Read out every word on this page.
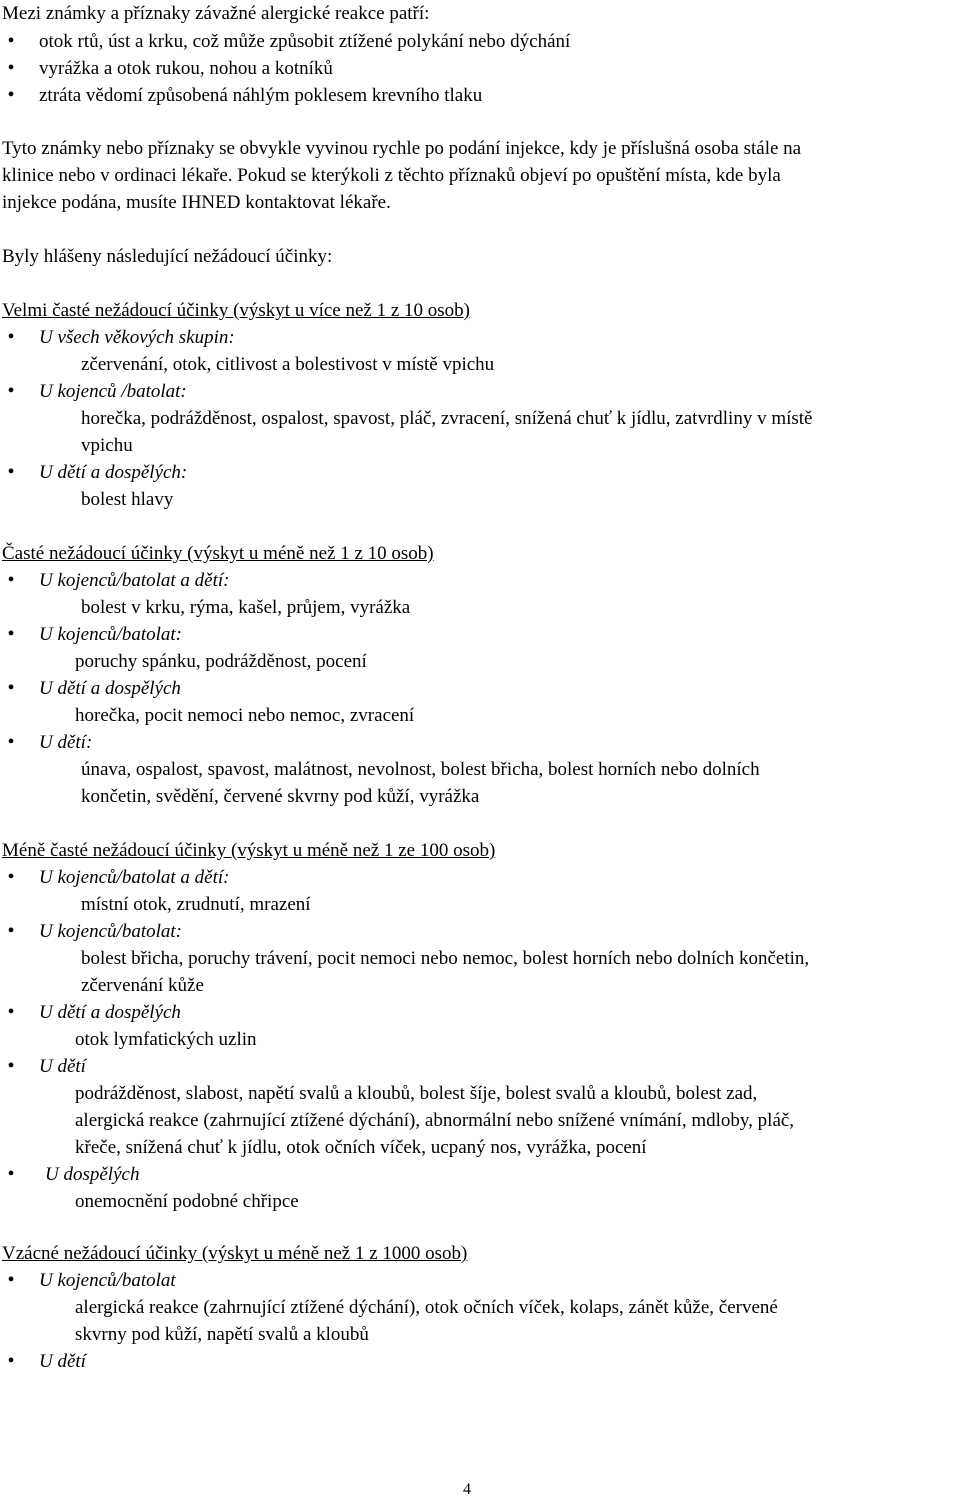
Mezi známky a příznaky závažné alergické reakce patří:
•
otok rtů, úst a krku, což může způsobit ztížené polykání nebo dýchání
•
vyrážka a otok rukou, nohou a kotníků
•
ztráta vědomí způsobená náhlým poklesem krevního tlaku
Tyto známky nebo příznaky se obvykle vyvinou rychle po podání injekce, kdy je příslušná osoba stále na
klinice nebo v ordinaci lékaře. Pokud se kterýkoli z těchto příznaků objeví po opuštění místa, kde byla
injekce podána, musíte IHNED kontaktovat lékaře.
Byly hlášeny následující nežádoucí účinky:
Velmi časté nežádoucí účinky (výskyt u více než 1 z 10 osob)
•
U všech věkových skupin:
zčervenání, otok, citlivost a bolestivost v místě vpichu
•
U kojenců /batolat:
horečka, podrážděnost, ospalost, spavost, pláč, zvracení, snížená chuť k jídlu, zatvrdliny v místě
vpichu
•
U dětí a dospělých:
bolest hlavy
Časté nežádoucí účinky (výskyt u méně než 1 z 10 osob)
•
U kojenců/batolat a dětí:
bolest v krku, rýma, kašel, průjem, vyrážka
•
U kojenců/batolat:
poruchy spánku, podrážděnost, pocení
•
U dětí a dospělých
horečka, pocit nemoci nebo nemoc, zvracení
•
U dětí:
únava, ospalost, spavost, malátnost, nevolnost, bolest břicha, bolest horních nebo dolních
končetin, svědění, červené skvrny pod kůží, vyrážka
Méně časté nežádoucí účinky (výskyt u méně než 1 ze 100 osob)
•
U kojenců/batolat a dětí:
místní otok, zrudnutí, mrazení
•
U kojenců/batolat:
bolest břicha, poruchy trávení, pocit nemoci nebo nemoc, bolest horních nebo dolních končetin,
zčervenání kůže
•
U dětí a dospělých
otok lymfatických uzlin
•
U dětí
podrážděnost, slabost, napětí svalů a kloubů, bolest šíje, bolest svalů a kloubů, bolest zad,
alergická reakce (zahrnující ztížené dýchání), abnormální nebo snížené vnímání, mdloby, pláč,
křeče, snížená chuť k jídlu, otok očních víček, ucpaný nos, vyrážka, pocení
•
U dospělých
onemocnění podobné chřipce
Vzácné nežádoucí účinky (výskyt u méně než 1 z 1000 osob)
•
U kojenců/batolat
alergická reakce (zahrnující ztížené dýchání), otok očních víček, kolaps, zánět kůže, červené
skvrny pod kůží, napětí svalů a kloubů
•
U dětí
4
